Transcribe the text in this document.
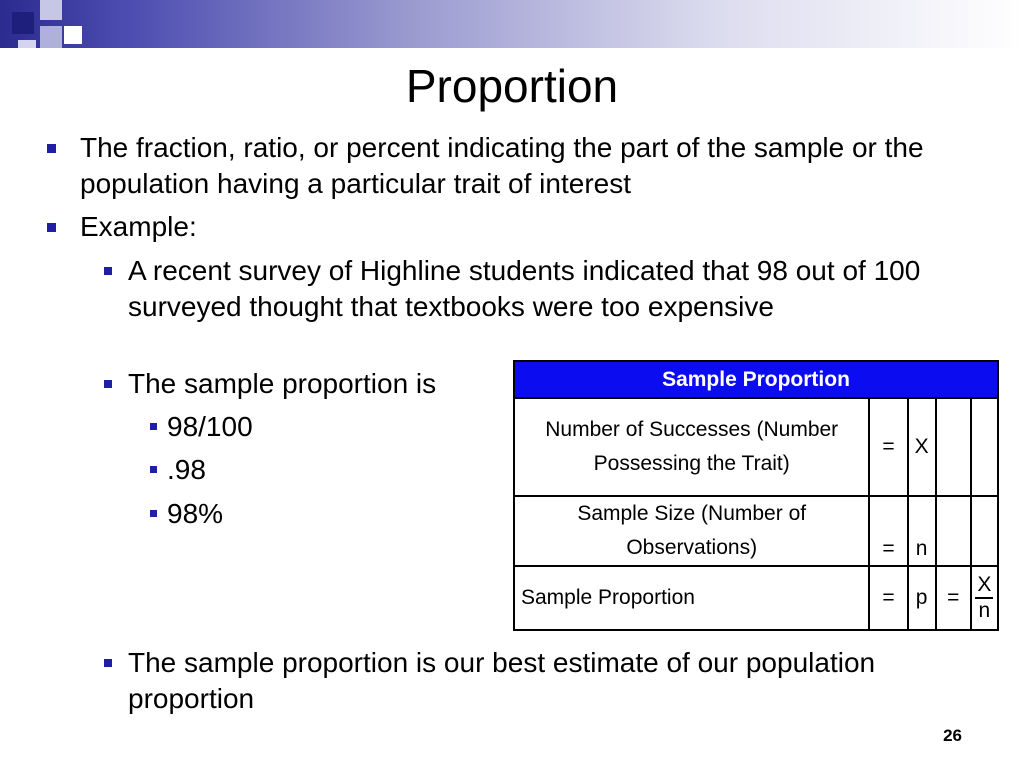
Proportion
The fraction, ratio, or percent indicating the part of the sample or the population having a particular trait of interest
Example:
A recent survey of Highline students indicated that 98 out of 100 surveyed thought that textbooks were too expensive
The sample proportion is
98/100
.98
98%
The sample proportion is our best estimate of our population proportion
Sample Proportion				
Number of Successes (Number Possessing the Trait)	=	X		
Sample Size (Number of Observations)	=	n		
Sample Proportion	=	p	=	$\frac{X}{n}$
26
